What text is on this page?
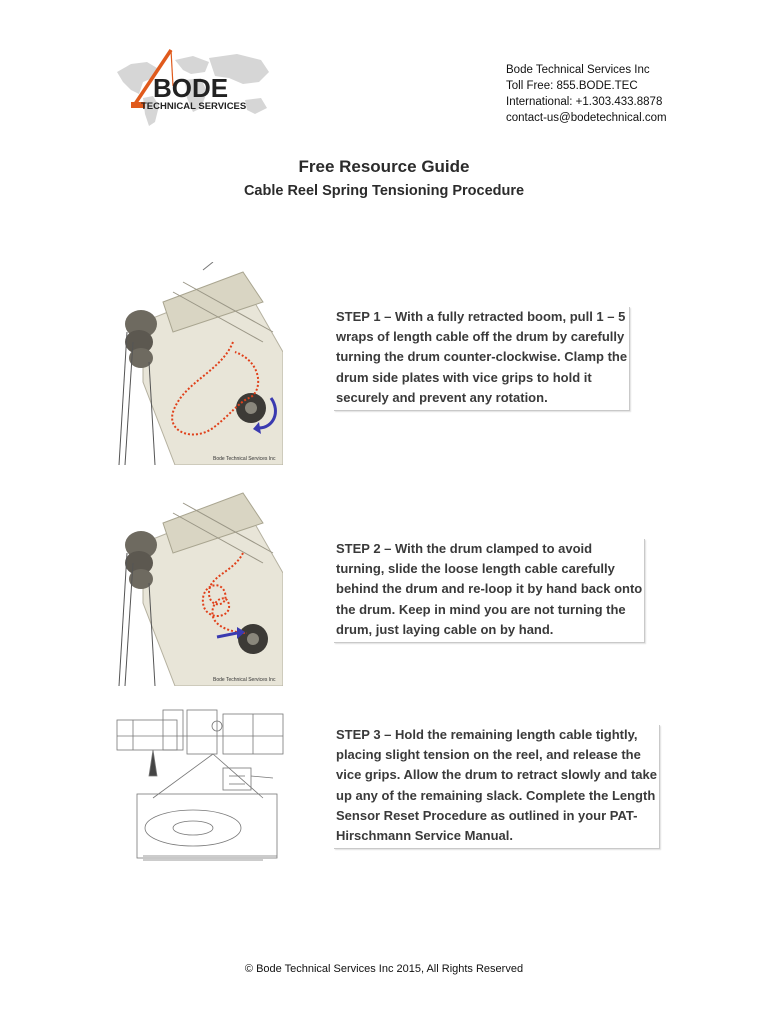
BODE
TECHNICAL SERVICES
Bode Technical Services Inc
Toll Free: 855.BODE.TEC
International: +1.303.433.8878
contact-us@bodetechnical.com
Free Resource Guide
Cable Reel Spring Tensioning Procedure
Bode Technical Services Inc
STEP 1 – With a fully retracted boom, pull 1 – 5
wraps of length cable off the drum by carefully
turning the drum counter-clockwise. Clamp the
drum side plates with vice grips to hold it
securely and prevent any rotation.
Bode Technical Services Inc
STEP 2 – With the drum clamped to avoid
turning, slide the loose length cable carefully
behind the drum and re-loop it by hand back onto
the drum. Keep in mind you are not turning the
drum, just laying cable on by hand.
STEP 3 – Hold the remaining length cable tightly,
placing slight tension on the reel, and release the
vice grips. Allow the drum to retract slowly and take
up any of the remaining slack. Complete the Length
Sensor Reset Procedure as outlined in your PAT-
Hirschmann Service Manual.
© Bode Technical Services Inc 2015, All Rights Reserved
